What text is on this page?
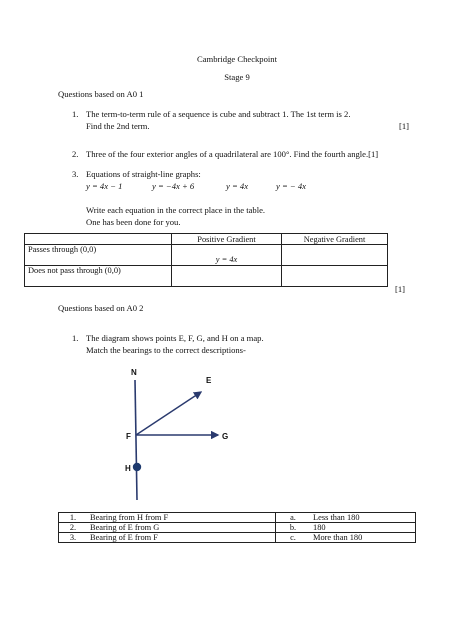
Cambridge Checkpoint
Stage 9
Questions based on A0 1
1. The term-to-term rule of a sequence is cube and subtract 1. The 1st term is 2.
Find the 2nd term.	[1]
2. Three of the four exterior angles of a quadrilateral are 100°. Find the fourth angle.[1]
3. Equations of straight-line graphs:
y = 4x − 1	y = −4x + 6	y = 4x	y = − 4x
Write each equation in the correct place in the table.
One has been done for you.
	Positive Gradient	Negative Gradient
Passes through (0,0)	y = 4x	
Does not pass through (0,0)		
[1]
Questions based on A0 2
1. The diagram shows points E, F, G, and H on a map.
Match the bearings to the correct descriptions-
N
E
F	G
H
1.	Bearing from H from F	a.	Less than 180
2.	Bearing of E from G	b.	180
3.	Bearing of E from F	c.	More than 180
